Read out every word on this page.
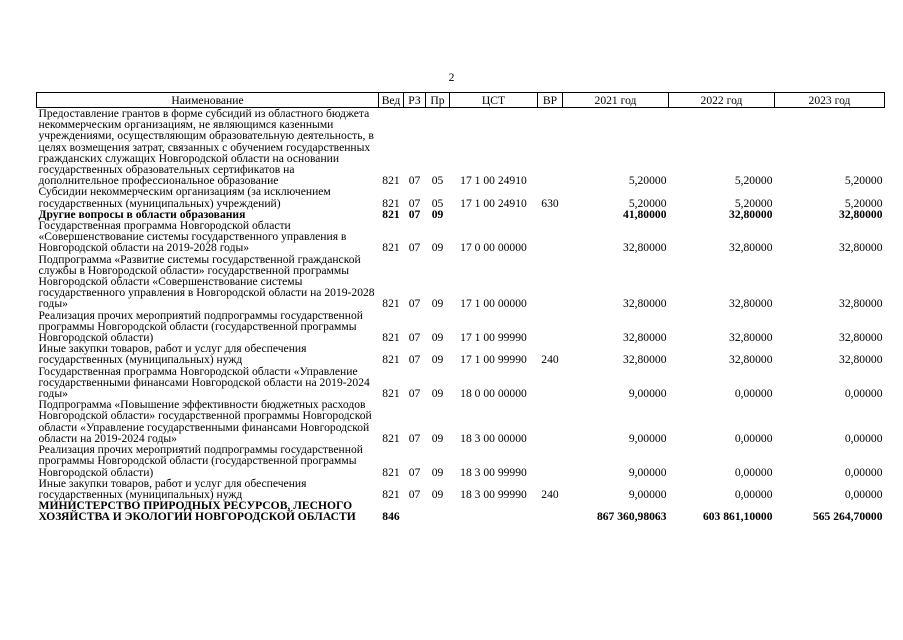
2
Наименование	Вед	РЗ	Пр	ЦСТ	ВР	2021 год	2022 год	2023 год
Предоставление грантов в форме субсидий из областного бюджета некоммерческим организациям, не являющимся казенными учреждениями, осуществляющим образовательную деятельность, в целях возмещения затрат, связанных с обучением государственных гражданских служащих Новгородской области на основании государственных образовательных сертификатов на дополнительное профессиональное образование	821	07	05	17 1 00 24910		5,20000	5,20000	5,20000
Субсидии некоммерческим организациям (за исключением государственных (муниципальных) учреждений)	821	07	05	17 1 00 24910	630	5,20000	5,20000	5,20000
Другие вопросы в области образования	821	07	09			41,80000	32,80000	32,80000
Государственная программа Новгородской области «Совершенствование системы государственного управления в Новгородской области на 2019-2028 годы»	821	07	09	17 0 00 00000		32,80000	32,80000	32,80000
Подпрограмма «Развитие системы государственной гражданской службы в Новгородской области» государственной программы Новгородской области «Совершенствование системы государственного управления в Новгородской области на 2019-2028 годы»	821	07	09	17 1 00 00000		32,80000	32,80000	32,80000
Реализация прочих мероприятий подпрограммы государственной программы Новгородской области (государственной программы Новгородской области)	821	07	09	17 1 00 99990		32,80000	32,80000	32,80000
Иные закупки товаров, работ и услуг для обеспечения государственных (муниципальных) нужд	821	07	09	17 1 00 99990	240	32,80000	32,80000	32,80000
Государственная программа Новгородской области «Управление государственными финансами Новгородской области на 2019-2024 годы»	821	07	09	18 0 00 00000		9,00000	0,00000	0,00000
Подпрограмма «Повышение эффективности бюджетных расходов Новгородской области» государственной программы Новгородской области «Управление государственными финансами Новгородской области на 2019-2024 годы»	821	07	09	18 3 00 00000		9,00000	0,00000	0,00000
Реализация прочих мероприятий подпрограммы государственной программы Новгородской области (государственной программы Новгородской области)	821	07	09	18 3 00 99990		9,00000	0,00000	0,00000
Иные закупки товаров, работ и услуг для обеспечения государственных (муниципальных) нужд	821	07	09	18 3 00 99990	240	9,00000	0,00000	0,00000
МИНИСТЕРСТВО ПРИРОДНЫХ РЕСУРСОВ, ЛЕСНОГО ХОЗЯЙСТВА И ЭКОЛОГИИ НОВГОРОДСКОЙ ОБЛАСТИ	846					867 360,98063	603 861,10000	565 264,70000
